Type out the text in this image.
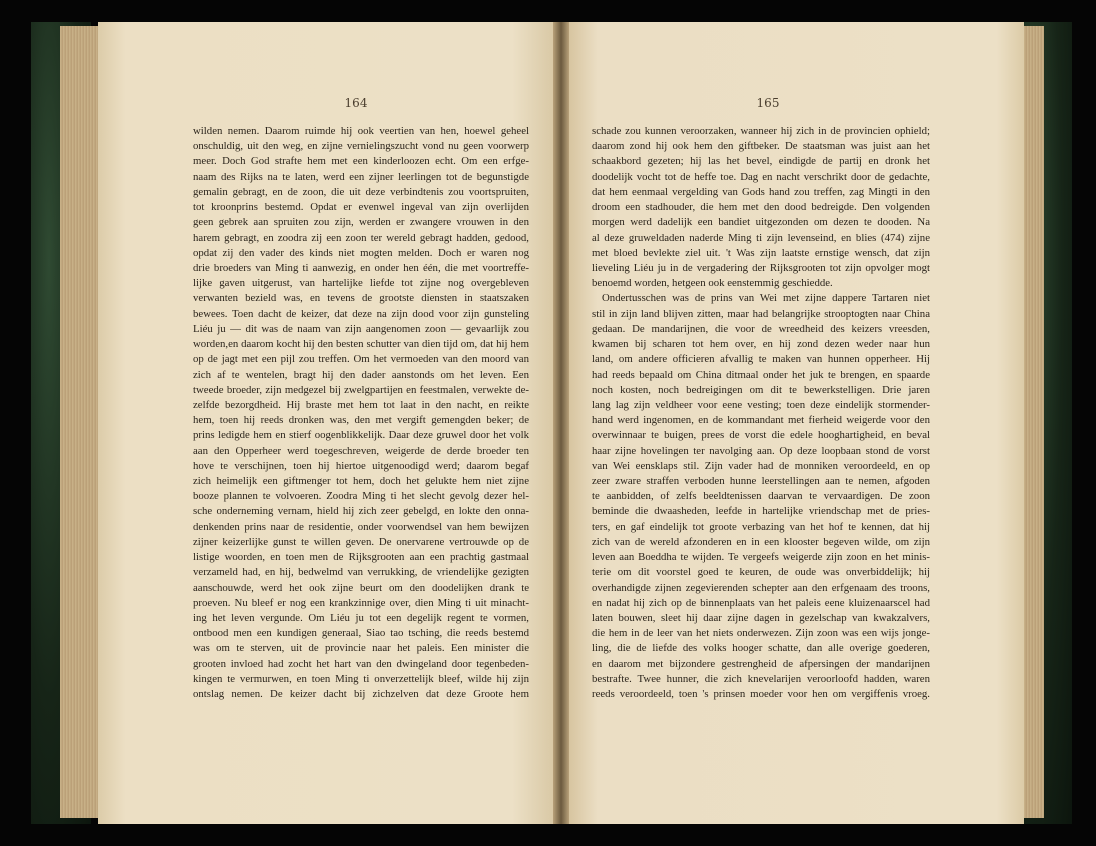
164	165
wilden nemen. Daarom ruimde hij ook veertien van hen, hoewel geheel
onschuldig, uit den weg, en zijne vernielingszucht vond nu geen voorwerp
meer. Doch God strafte hem met een kinderloozen echt. Om een erfge-
naam des Rijks na te laten, werd een zijner leerlingen tot de begunstigde
gemalin gebragt, en de zoon, die uit deze verbindtenis zou voortspruiten,
tot kroonprins bestemd. Opdat er evenwel ingeval van zijn overlijden
geen gebrek aan spruiten zou zijn, werden er zwangere vrouwen in den
harem gebragt, en zoodra zij een zoon ter wereld gebragt hadden, gedood,
opdat zij den vader des kinds niet mogten melden. Doch er waren nog
drie broeders van Ming ti aanwezig, en onder hen één, die met voortreffe-
lijke gaven uitgerust, van hartelijke liefde tot zijne nog overgebleven
verwanten bezield was, en tevens de grootste diensten in staatszaken
bewees. Toen dacht de keizer, dat deze na zijn dood voor zijn gunsteling
Liéu ju — dit was de naam van zijn aangenomen zoon — gevaarlijk zou
worden,en daarom kocht hij den besten schutter van dien tijd om, dat hij hem
op de jagt met een pijl zou treffen. Om het vermoeden van den moord van
zich af te wentelen, bragt hij den dader aanstonds om het leven. Een
tweede broeder, zijn medgezel bij zwelgpartijen en feestmalen, verwekte de-
zelfde bezorgdheid. Hij braste met hem tot laat in den nacht, en reikte
hem, toen hij reeds dronken was, den met vergift gemengden beker; de
prins ledigde hem en stierf oogenblikkelijk. Daar deze gruwel door het volk
aan den Opperheer werd toegeschreven, weigerde de derde broeder ten
hove te verschijnen, toen hij hiertoe uitgenoodigd werd; daarom begaf
zich heimelijk een giftmenger tot hem, doch het gelukte hem niet zijne
booze plannen te volvoeren. Zoodra Ming ti het slecht gevolg dezer hel-
sche onderneming vernam, hield hij zich zeer gebelgd, en lokte den onna-
denkenden prins naar de residentie, onder voorwendsel van hem bewijzen
zijner keizerlijke gunst te willen geven. De onervarene vertrouwde op de
listige woorden, en toen men de Rijksgrooten aan een prachtig gastmaal
verzameld had, en hij, bedwelmd van verrukking, de vriendelijke gezigten
aanschouwde, werd het ook zijne beurt om den doodelijken drank te
proeven. Nu bleef er nog een krankzinnige over, dien Ming ti uit minacht-
ing het leven vergunde. Om Liéu ju tot een degelijk regent te vormen,
ontbood men een kundigen generaal, Siao tao tsching, die reeds bestemd
was om te sterven, uit de provincie naar het paleis. Een minister die
grooten invloed had zocht het hart van den dwingeland door tegenbeden-
kingen te vermurwen, en toen Ming ti onverzettelijk bleef, wilde hij zijn
ontslag nemen. De keizer dacht bij zichzelven dat deze Groote hem
schade zou kunnen veroorzaken, wanneer hij zich in de provincien ophield;
daarom zond hij ook hem den giftbeker. De staatsman was juist aan het
schaakbord gezeten; hij las het bevel, eindigde de partij en dronk het
doodelijk vocht tot de heffe toe. Dag en nacht verschrikt door de gedachte,
dat hem eenmaal vergelding van Gods hand zou treffen, zag Mingti in den
droom een stadhouder, die hem met den dood bedreigde. Den volgenden
morgen werd dadelijk een bandiet uitgezonden om dezen te dooden. Na
al deze gruweldaden naderde Ming ti zijn levenseind, en blies (474) zijne
met bloed bevlekte ziel uit. 't Was zijn laatste ernstige wensch, dat zijn
lieveling Liéu ju in de vergadering der Rijksgrooten tot zijn opvolger mogt
benoemd worden, hetgeen ook eenstemmig geschiedde.
Ondertusschen was de prins van Wei met zijne dappere Tartaren niet
stil in zijn land blijven zitten, maar had belangrijke strooptogten naar China
gedaan. De mandarijnen, die voor de wreedheid des keizers vreesden,
kwamen bij scharen tot hem over, en hij zond dezen weder naar hun
land, om andere officieren afvallig te maken van hunnen opperheer. Hij
had reeds bepaald om China ditmaal onder het juk te brengen, en spaarde
noch kosten, noch bedreigingen om dit te bewerkstelligen. Drie jaren
lang lag zijn veldheer voor eene vesting; toen deze eindelijk stormender-
hand werd ingenomen, en de kommandant met fierheid weigerde voor den
overwinnaar te buigen, prees de vorst die edele hooghartigheid, en beval
haar zijne hovelingen ter navolging aan. Op deze loopbaan stond de vorst
van Wei eensklaps stil. Zijn vader had de monniken veroordeeld, en op
zeer zware straffen verboden hunne leerstellingen aan te nemen, afgoden
te aanbidden, of zelfs beeldtenissen daarvan te vervaardigen. De zoon
beminde die dwaasheden, leefde in hartelijke vriendschap met de pries-
ters, en gaf eindelijk tot groote verbazing van het hof te kennen, dat hij
zich van de wereld afzonderen en in een klooster begeven wilde, om zijn
leven aan Boeddha te wijden. Te vergeefs weigerde zijn zoon en het minis-
terie om dit voorstel goed te keuren, de oude was onverbiddelijk; hij
overhandigde zijnen zegevierenden schepter aan den erfgenaam des troons,
en nadat hij zich op de binnenplaats van het paleis eene kluizenaarscel had
laten bouwen, sleet hij daar zijne dagen in gezelschap van kwakzalvers,
die hem in de leer van het niets onderwezen. Zijn zoon was een wijs jonge-
ling, die de liefde des volks hooger schatte, dan alle overige goederen,
en daarom met bijzondere gestrengheid de afpersingen der mandarijnen
bestrafte. Twee hunner, die zich knevelarijen veroorloofd hadden, waren
reeds veroordeeld, toen 's prinsen moeder voor hen om vergiffenis vroeg.
